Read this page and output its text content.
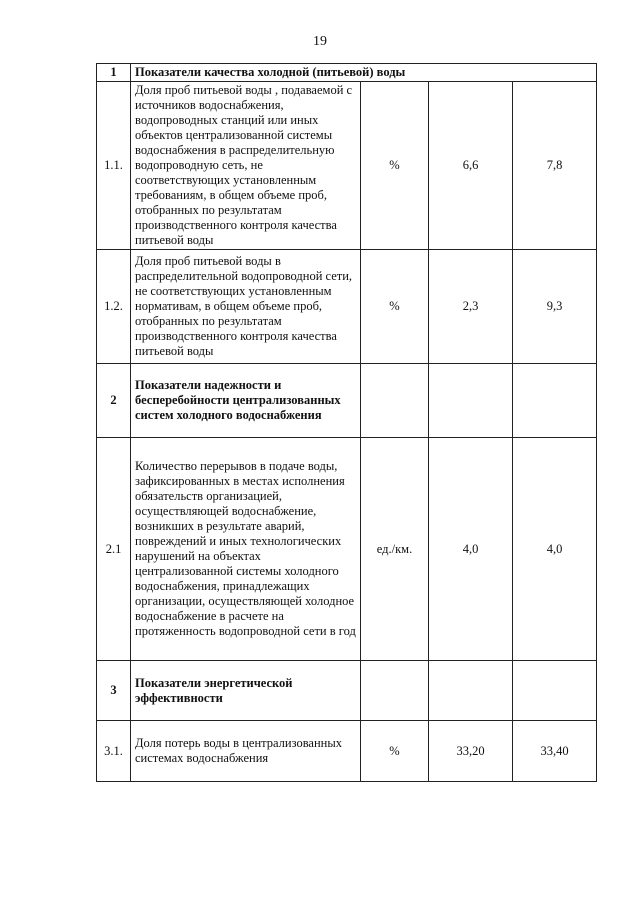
19
1	Показатели качества холодной (питьевой) воды			
1.1.	Доля проб питьевой воды , подаваемой с источников водоснабжения, водопроводных станций или иных объектов централизованной системы водоснабжения в распределительную водопроводную сеть, не соответствующих установленным требованиям, в общем объеме проб, отобранных по результатам производственного контроля качества питьевой воды	%	6,6	7,8
1.2.	Доля проб питьевой воды в распределительной водопроводной сети, не соответствующих установленным нормативам, в общем объеме проб, отобранных по результатам производственного контроля качества питьевой воды	%	2,3	9,3
2	Показатели надежности и бесперебойности централизованных систем холодного водоснабжения			
2.1	Количество перерывов в подаче воды, зафиксированных в местах исполнения обязательств организацией, осуществляющей водоснабжение, возникших в результате аварий, повреждений и иных технологических нарушений на объектах централизованной системы холодного водоснабжения, принадлежащих организации, осуществляющей холодное водоснабжение в расчете на протяженность водопроводной сети в год	ед./км.	4,0	4,0
3	Показатели энергетической эффективности			
3.1.	Доля потерь воды в централизованных системах водоснабжения	%	33,20	33,40
